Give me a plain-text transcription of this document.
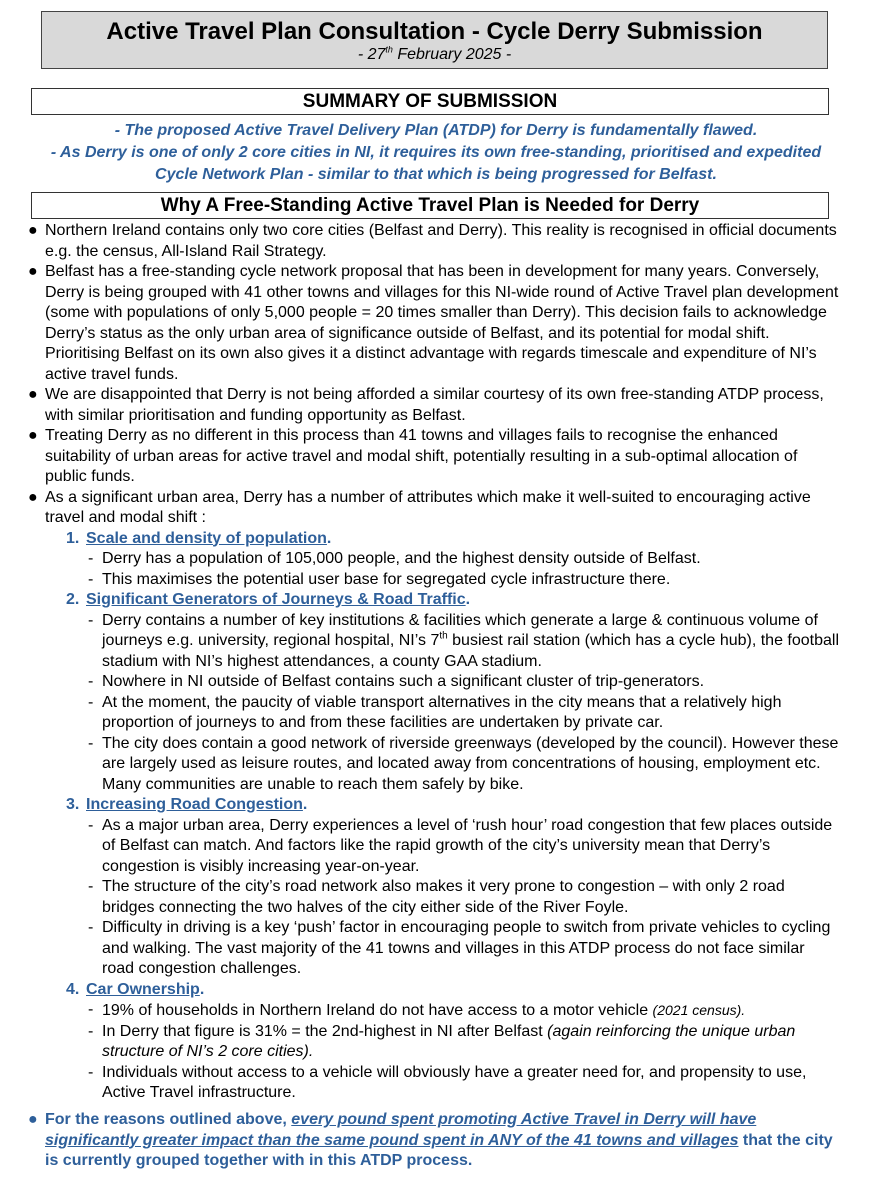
Active Travel Plan Consultation - Cycle Derry Submission
- 27th February 2025 -
SUMMARY OF SUBMISSION
- The proposed Active Travel Delivery Plan (ATDP) for Derry is fundamentally flawed.
- As Derry is one of only 2 core cities in NI, it requires its own free-standing, prioritised and expedited Cycle Network Plan - similar to that which is being progressed for Belfast.
Why A Free-Standing Active Travel Plan is Needed for Derry
● Northern Ireland contains only two core cities (Belfast and Derry). This reality is recognised in official documents e.g. the census, All-Island Rail Strategy.
● Belfast has a free-standing cycle network proposal that has been in development for many years. Conversely, Derry is being grouped with 41 other towns and villages for this NI-wide round of Active Travel plan development (some with populations of only 5,000 people = 20 times smaller than Derry). This decision fails to acknowledge Derry’s status as the only urban area of significance outside of Belfast, and its potential for modal shift. Prioritising Belfast on its own also gives it a distinct advantage with regards timescale and expenditure of NI’s active travel funds.
● We are disappointed that Derry is not being afforded a similar courtesy of its own free-standing ATDP process, with similar prioritisation and funding opportunity as Belfast.
● Treating Derry as no different in this process than 41 towns and villages fails to recognise the enhanced suitability of urban areas for active travel and modal shift, potentially resulting in a sub-optimal allocation of public funds.
● As a significant urban area, Derry has a number of attributes which make it well-suited to encouraging active travel and modal shift :
1. Scale and density of population.
- Derry has a population of 105,000 people, and the highest density outside of Belfast.
- This maximises the potential user base for segregated cycle infrastructure there.
2. Significant Generators of Journeys & Road Traffic.
- Derry contains a number of key institutions & facilities which generate a large & continuous volume of journeys e.g. university, regional hospital, NI’s 7th busiest rail station (which has a cycle hub), the football stadium with NI’s highest attendances, a county GAA stadium.
- Nowhere in NI outside of Belfast contains such a significant cluster of trip-generators.
- At the moment, the paucity of viable transport alternatives in the city means that a relatively high proportion of journeys to and from these facilities are undertaken by private car.
- The city does contain a good network of riverside greenways (developed by the council). However these are largely used as leisure routes, and located away from concentrations of housing, employment etc. Many communities are unable to reach them safely by bike.
3. Increasing Road Congestion.
- As a major urban area, Derry experiences a level of ‘rush hour’ road congestion that few places outside of Belfast can match. And factors like the rapid growth of the city’s university mean that Derry’s congestion is visibly increasing year-on-year.
- The structure of the city’s road network also makes it very prone to congestion – with only 2 road bridges connecting the two halves of the city either side of the River Foyle.
- Difficulty in driving is a key ‘push’ factor in encouraging people to switch from private vehicles to cycling and walking. The vast majority of the 41 towns and villages in this ATDP process do not face similar road congestion challenges.
4. Car Ownership.
- 19% of households in Northern Ireland do not have access to a motor vehicle (2021 census).
- In Derry that figure is 31% = the 2nd-highest in NI after Belfast (again reinforcing the unique urban structure of NI’s 2 core cities).
- Individuals without access to a vehicle will obviously have a greater need for, and propensity to use, Active Travel infrastructure.
● For the reasons outlined above, every pound spent promoting Active Travel in Derry will have significantly greater impact than the same pound spent in ANY of the 41 towns and villages that the city is currently grouped together with in this ATDP process.
